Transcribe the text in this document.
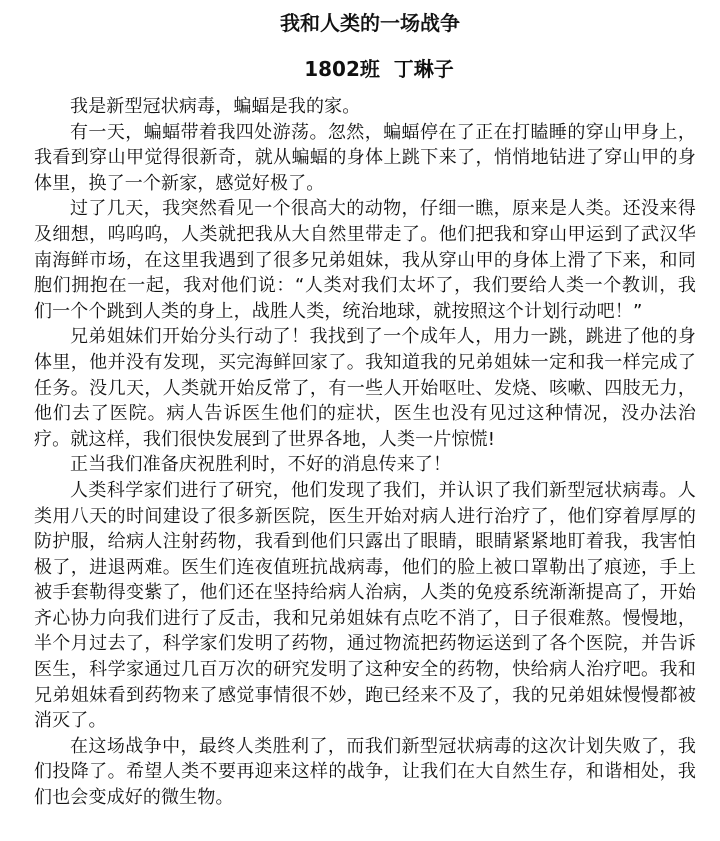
我和人类的一场战争
1802班  丁琳子

我是新型冠状病毒，蝙蝠是我的家。

有一天，蝙蝠带着我四处游荡。忽然，蝙蝠停在了正在打瞌睡的穿山甲身上，我看到穿山甲觉得很新奇，就从蝙蝠的身体上跳下来了，悄悄地钻进了穿山甲的身体里，换了一个新家，感觉好极了。

过了几天，我突然看见一个很高大的动物，仔细一瞧，原来是人类。还没来得及细想，呜呜呜，人类就把我从大自然里带走了。他们把我和穿山甲运到了武汉华南海鲜市场，在这里我遇到了很多兄弟姐妹，我从穿山甲的身体上滑了下来，和同胞们拥抱在一起，我对他们说：“人类对我们太坏了，我们要给人类一个教训，我们一个个跳到人类的身上，战胜人类，统治地球，就按照这个计划行动吧！”

兄弟姐妹们开始分头行动了！我找到了一个成年人，用力一跳，跳进了他的身体里，他并没有发现，买完海鲜回家了。我知道我的兄弟姐妹一定和我一样完成了任务。没几天，人类就开始反常了，有一些人开始呕吐、发烧、咳嗽、四肢无力，他们去了医院。病人告诉医生他们的症状，医生也没有见过这种情况，没办法治疗。就这样，我们很快发展到了世界各地，人类一片惊慌!

正当我们准备庆祝胜利时，不好的消息传来了！

人类科学家们进行了研究，他们发现了我们，并认识了我们新型冠状病毒。人类用八天的时间建设了很多新医院，医生开始对病人进行治疗了，他们穿着厚厚的防护服，给病人注射药物，我看到他们只露出了眼睛，眼睛紧紧地盯着我，我害怕极了，进退两难。医生们连夜值班抗战病毒，他们的脸上被口罩勒出了痕迹，手上被手套勒得变紫了，他们还在坚持给病人治病，人类的免疫系统渐渐提高了，开始齐心协力向我们进行了反击，我和兄弟姐妹有点吃不消了，日子很难熬。慢慢地，半个月过去了，科学家们发明了药物，通过物流把药物运送到了各个医院，并告诉医生，科学家通过几百万次的研究发明了这种安全的药物，快给病人治疗吧。我和兄弟姐妹看到药物来了感觉事情很不妙，跑已经来不及了，我的兄弟姐妹慢慢都被消灭了。

在这场战争中，最终人类胜利了，而我们新型冠状病毒的这次计划失败了，我们投降了。希望人类不要再迎来这样的战争，让我们在大自然生存，和谐相处，我们也会变成好的微生物。
